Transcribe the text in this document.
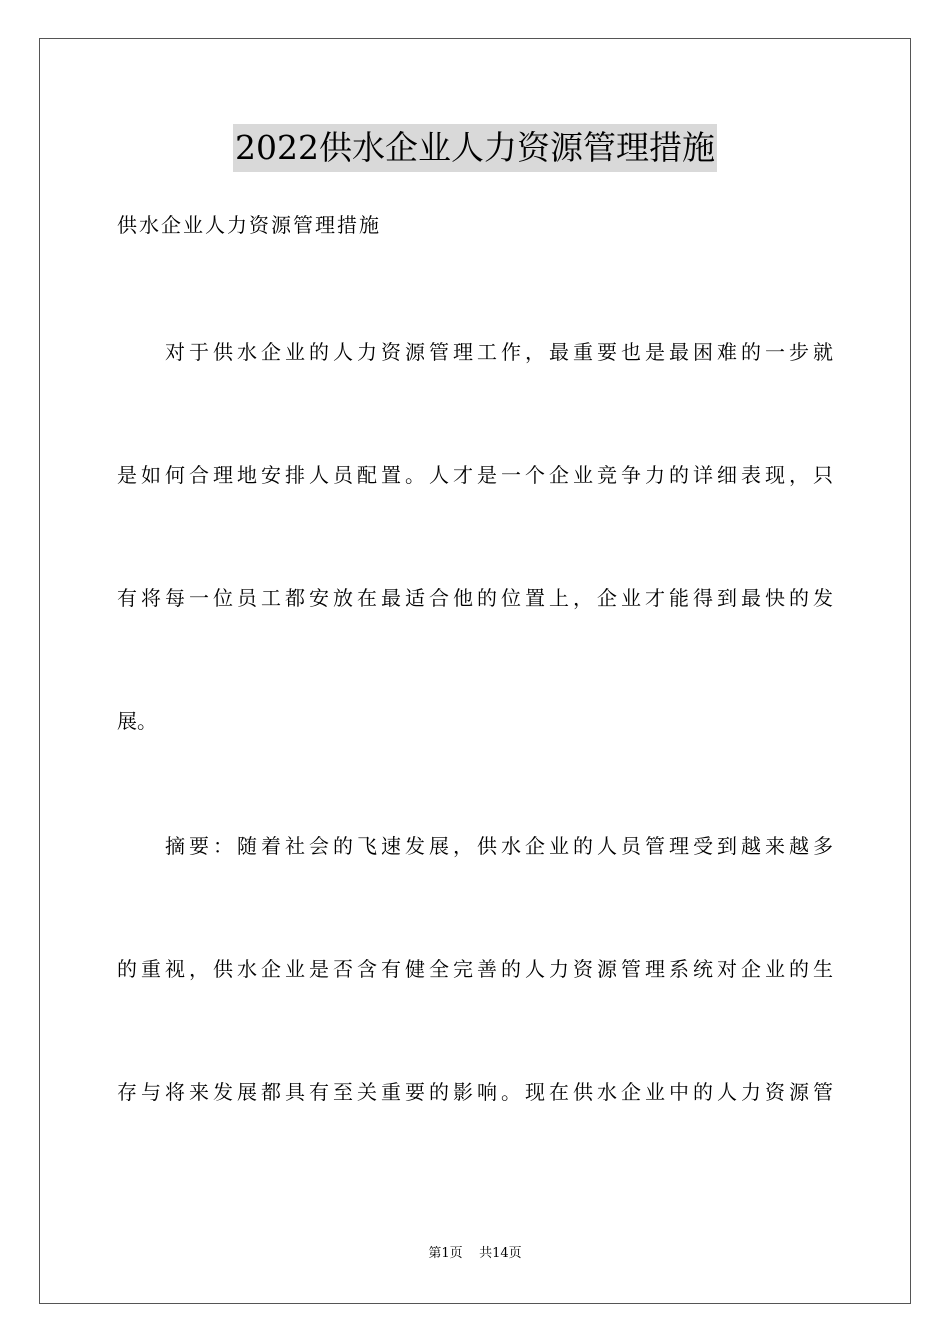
2022供水企业人力资源管理措施

供水企业人力资源管理措施

对于供水企业的人力资源管理工作，最重要也是最困难的一步就

是如何合理地安排人员配置。人才是一个企业竞争力的详细表现，只

有将每一位员工都安放在最适合他的位置上，企业才能得到最快的发

展。

摘要：随着社会的飞速发展，供水企业的人员管理受到越来越多

的重视，供水企业是否含有健全完善的人力资源管理系统对企业的生

存与将来发展都具有至关重要的影响。现在供水企业中的人力资源管

第1页    共14页
